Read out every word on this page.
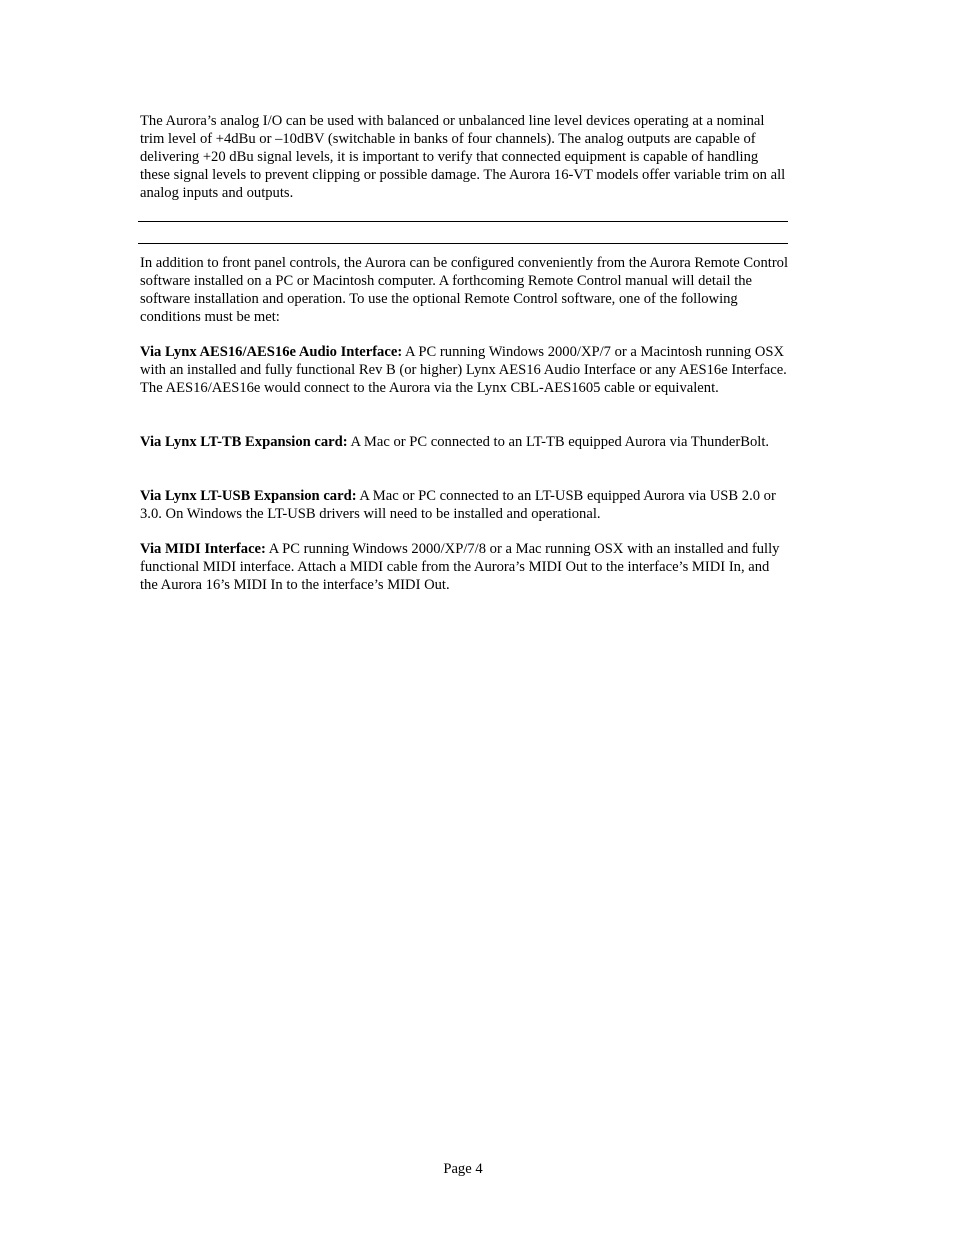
The Aurora’s analog I/O can be used with balanced or unbalanced line level devices operating at a nominal trim level of +4dBu or –10dBV (switchable in banks of four channels). The analog outputs are capable of delivering +20 dBu signal levels, it is important to verify that connected equipment is capable of handling these signal levels to prevent clipping or possible damage. The Aurora 16-VT models offer variable trim on all analog inputs and outputs.

In addition to front panel controls, the Aurora can be configured conveniently from the Aurora Remote Control software installed on a PC or Macintosh computer. A forthcoming Remote Control manual will detail the software installation and operation. To use the optional Remote Control software, one of the following conditions must be met:

Via Lynx AES16/AES16e Audio Interface: A PC running Windows 2000/XP/7 or a Macintosh running OSX with an installed and fully functional Rev B (or higher) Lynx AES16 Audio Interface or any AES16e Interface. The AES16/AES16e would connect to the Aurora via the Lynx CBL-AES1605 cable or equivalent.

Via Lynx LT-TB Expansion card: A Mac or PC connected to an LT-TB equipped Aurora via ThunderBolt.

Via Lynx LT-USB Expansion card: A Mac or PC connected to an LT-USB equipped Aurora via USB 2.0 or 3.0. On Windows the LT-USB drivers will need to be installed and operational.

Via MIDI Interface: A PC running Windows 2000/XP/7/8 or a Mac running OSX with an installed and fully functional MIDI interface. Attach a MIDI cable from the Aurora’s MIDI Out to the interface’s MIDI In, and the Aurora 16’s MIDI In to the interface’s MIDI Out.

Page 4
